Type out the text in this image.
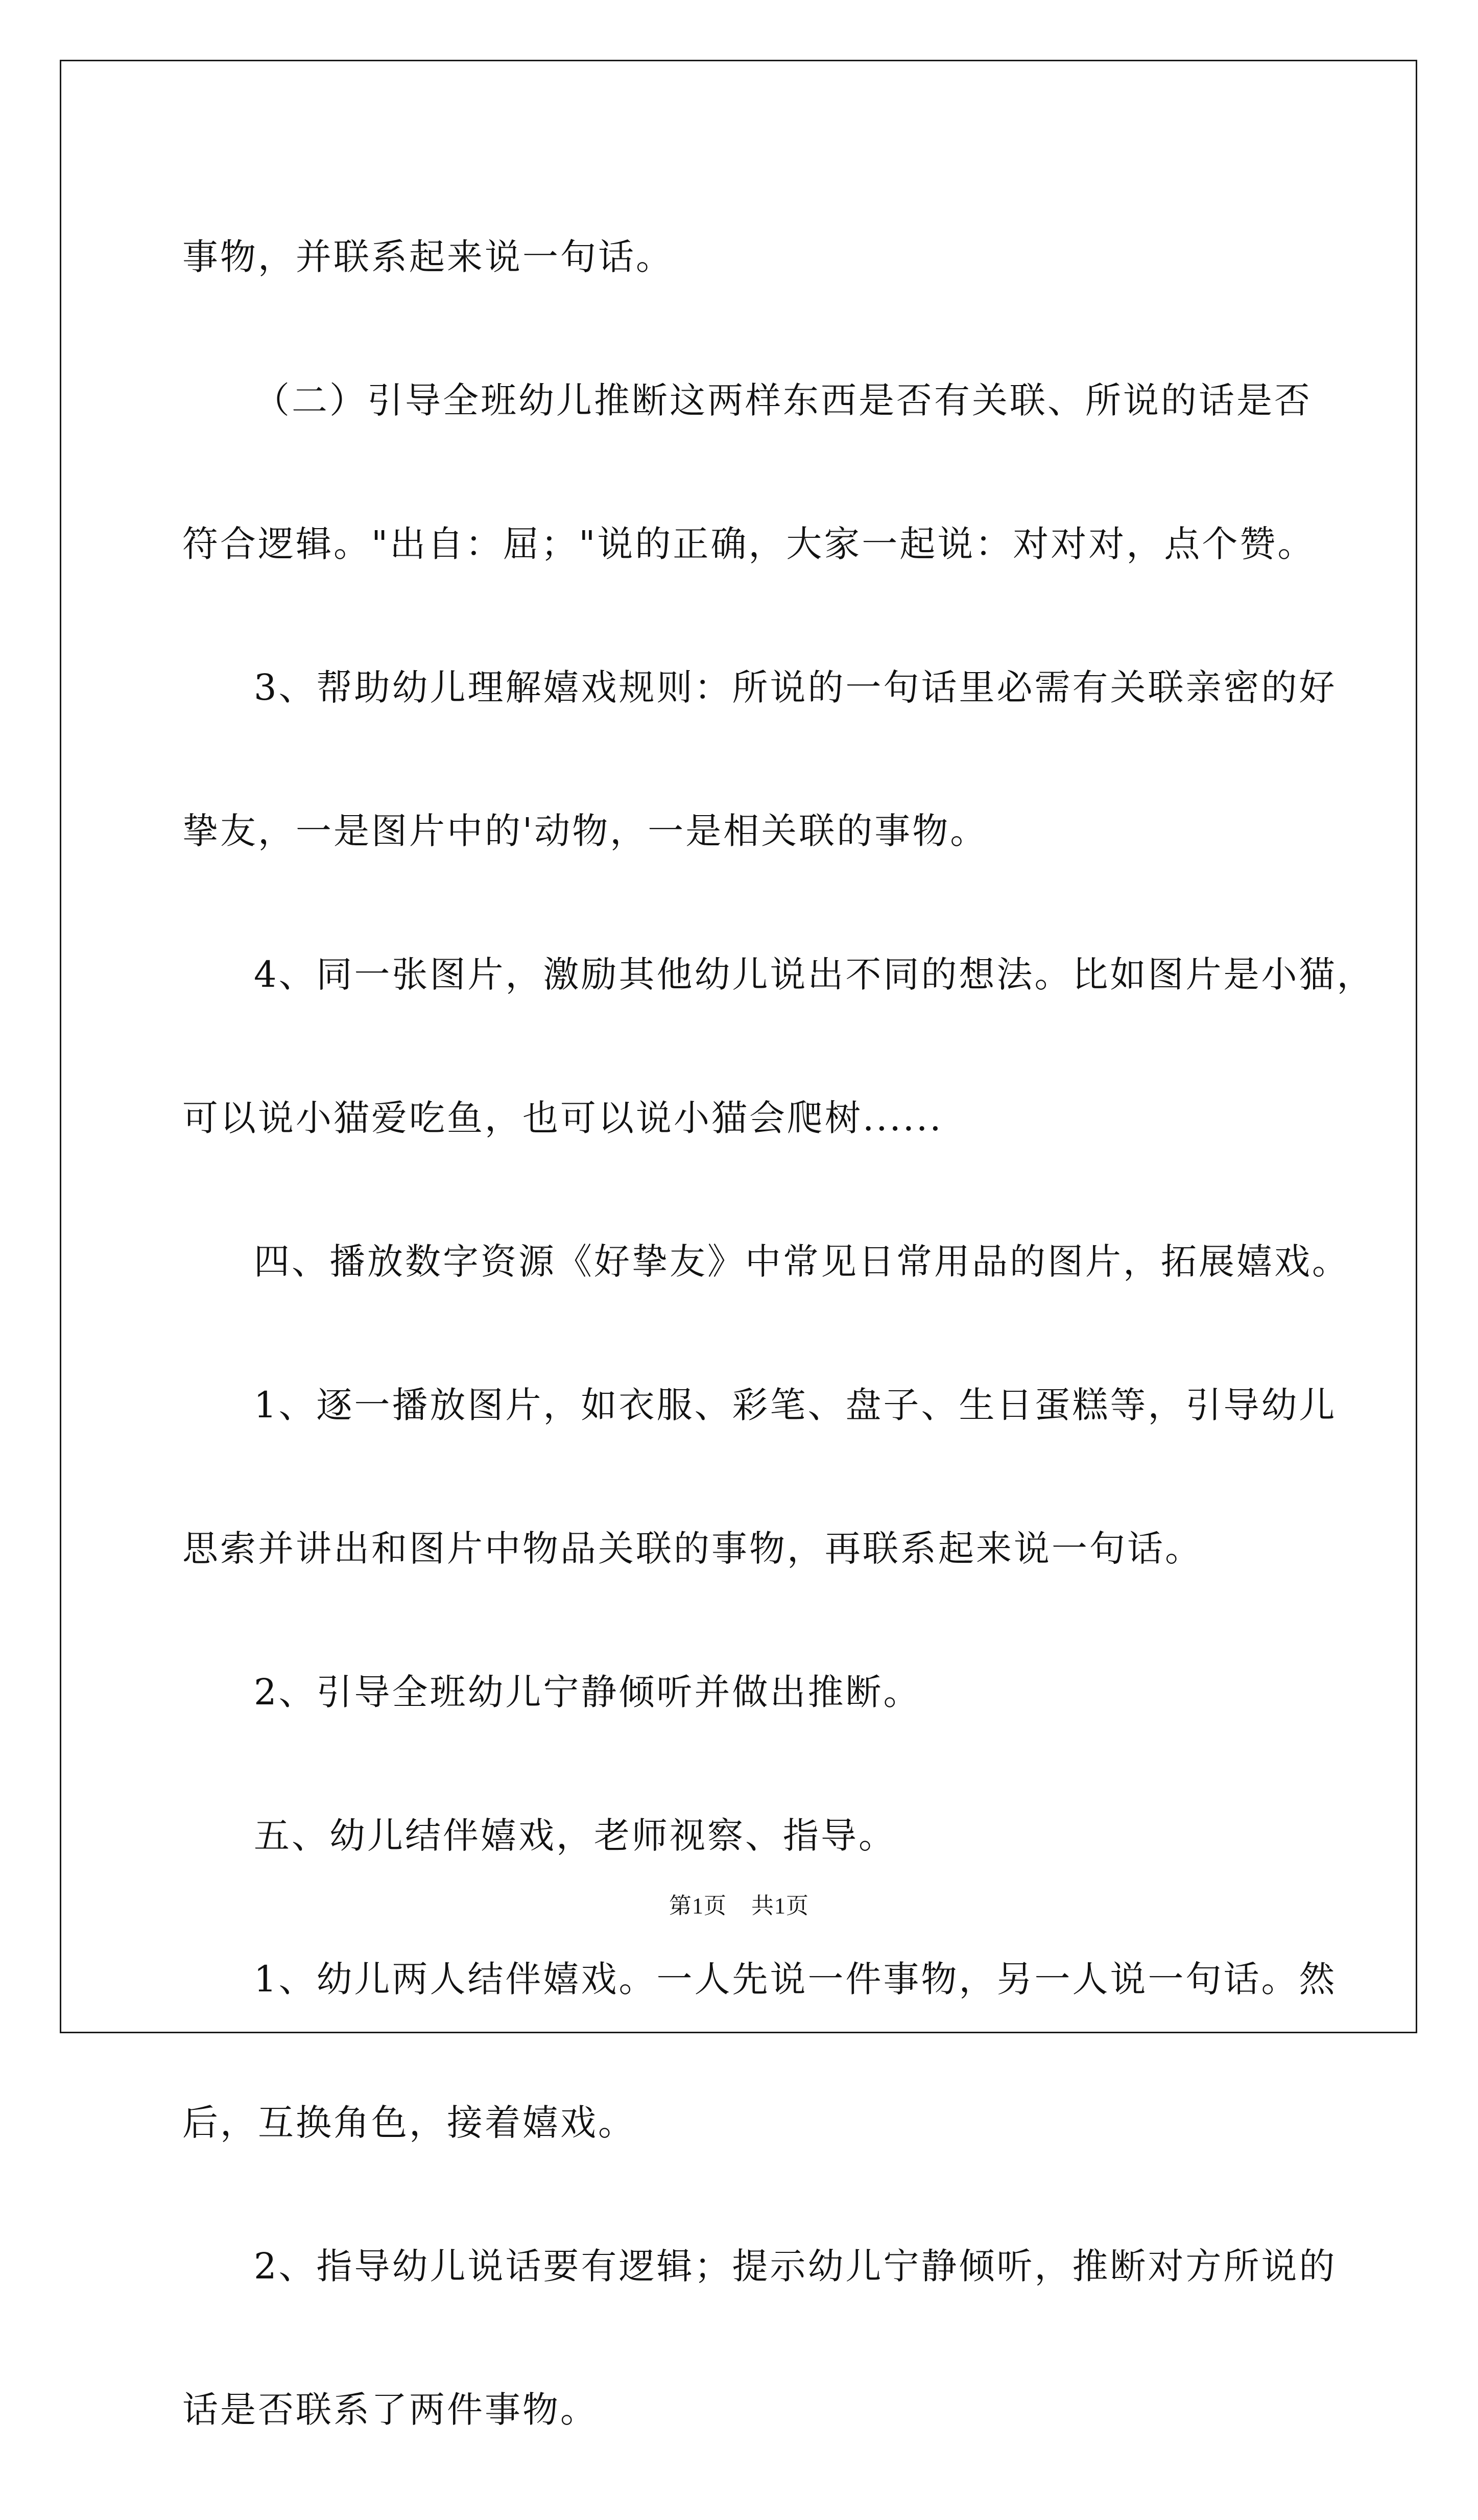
事物，并联系起来说一句话。

（二）引导全班幼儿推断这两样东西是否有关联、所说的话是否

符合逻辑。"出自：屈；"说的正确，大家一起说：对对对，点个赞。

3、帮助幼儿理解嬉戏规则：所说的一句话里必需有关联亲密的好

挚友，一是图片中的'动物，一是相关联的事物。

4、同一张图片，激励其他幼儿说出不同的想法。比如图片是小猫，

可以说小猫爱吃鱼，也可以说小猫会爬树......

四、播放数字资源《好挚友》中常见日常用品的图片，拓展嬉戏。

1、逐一播放图片，如衣服、彩笔、盘子、生日蛋糕等，引导幼儿

思索并讲出和图片中物品关联的事物，再联系起来说一句话。

2、引导全班幼儿宁静倾听并做出推断。

五、幼儿结伴嬉戏，老师视察、指导。

1、幼儿两人结伴嬉戏。一人先说一件事物，另一人说一句话。然

后，互换角色，接着嬉戏。

2、指导幼儿说话要有逻辑；提示幼儿宁静倾听，推断对方所说的

话是否联系了两件事物。

第1页 共1页
